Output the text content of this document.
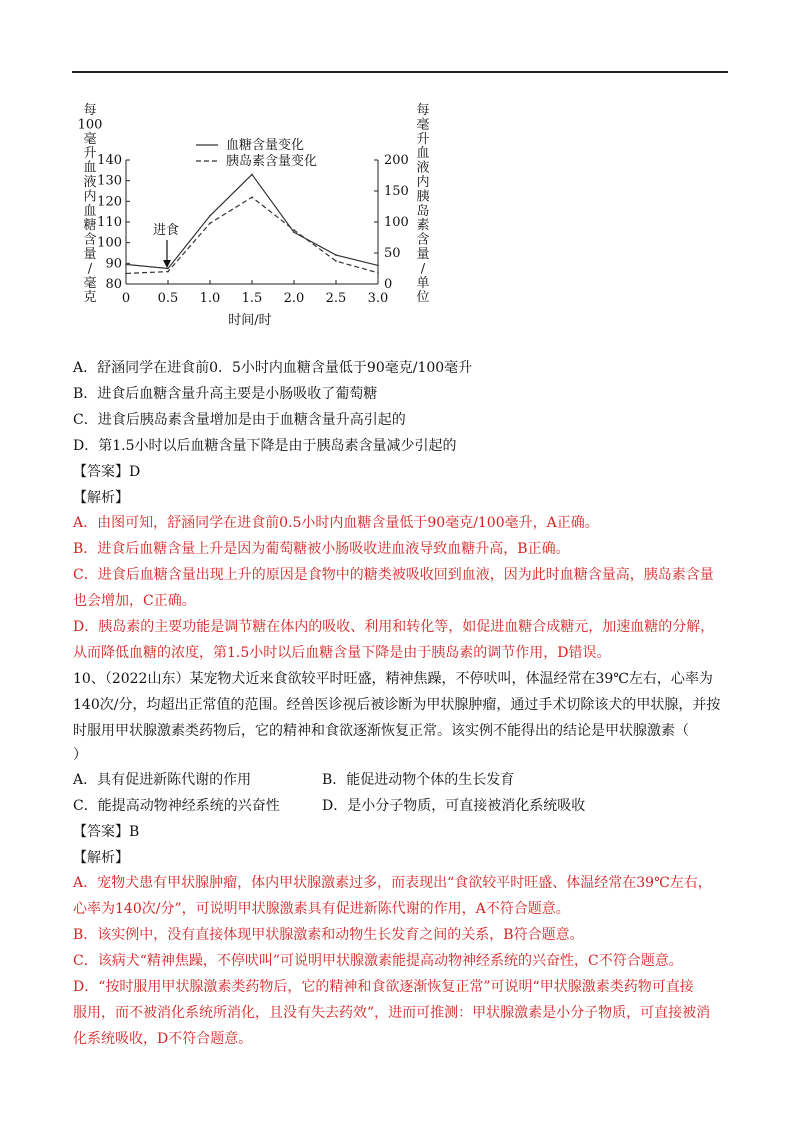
80
90
100
110
120
130
140
0
50
100
150
200
0 0.5 1.0 1.5 2.0 2.5 3.0
时间/时
每
100
毫
升
血
液
内
血
糖
含
量
/
毫
克
每
毫
升
血
液
内
胰
岛
素
含
量
/
单
位
血糖含量变化
胰岛素含量变化
进食
A．舒涵同学在进食前0．5小时内血糖含量低于90毫克/100毫升
B．进食后血糖含量升高主要是小肠吸收了葡萄糖
C．进食后胰岛素含量增加是由于血糖含量升高引起的
D．第1.5小时以后血糖含量下降是由于胰岛素含量减少引起的
【答案】D
【解析】
A．由图可知，舒涵同学在进食前0.5小时内血糖含量低于90毫克/100毫升，A正确。
B．进食后血糖含量上升是因为葡萄糖被小肠吸收进血液导致血糖升高，B正确。
C．进食后血糖含量出现上升的原因是食物中的糖类被吸收回到血液，因为此时血糖含量高，胰岛素含量
也会增加，C正确。
D．胰岛素的主要功能是调节糖在体内的吸收、利用和转化等，如促进血糖合成糖元，加速血糖的分解，
从而降低血糖的浓度，第1.5小时以后血糖含量下降是由于胰岛素的调节作用，D错误。
10、（2022山东）某宠物犬近来食欲较平时旺盛，精神焦躁，不停吠叫，体温经常在39℃左右，心率为
140次/分，均超出正常值的范围。经兽医诊视后被诊断为甲状腺肿瘤，通过手术切除该犬的甲状腺，并按
时服用甲状腺激素类药物后，它的精神和食欲逐渐恢复正常。该实例不能得出的结论是甲状腺激素（
）
A．具有促进新陈代谢的作用	B．能促进动物个体的生长发育
C．能提高动物神经系统的兴奋性	D．是小分子物质，可直接被消化系统吸收
【答案】B
【解析】
A．宠物犬患有甲状腺肿瘤，体内甲状腺激素过多，而表现出“食欲较平时旺盛、体温经常在39℃左右，
心率为140次/分”，可说明甲状腺激素具有促进新陈代谢的作用，A不符合题意。
B．该实例中，没有直接体现甲状腺激素和动物生长发育之间的关系，B符合题意。
C．该病犬“精神焦躁，不停吠叫”可说明甲状腺激素能提高动物神经系统的兴奋性，C不符合题意。
D．“按时服用甲状腺激素类药物后，它的精神和食欲逐渐恢复正常”可说明“甲状腺激素类药物可直接
服用，而不被消化系统所消化，且没有失去药效”，进而可推测：甲状腺激素是小分子物质，可直接被消
化系统吸收，D不符合题意。
